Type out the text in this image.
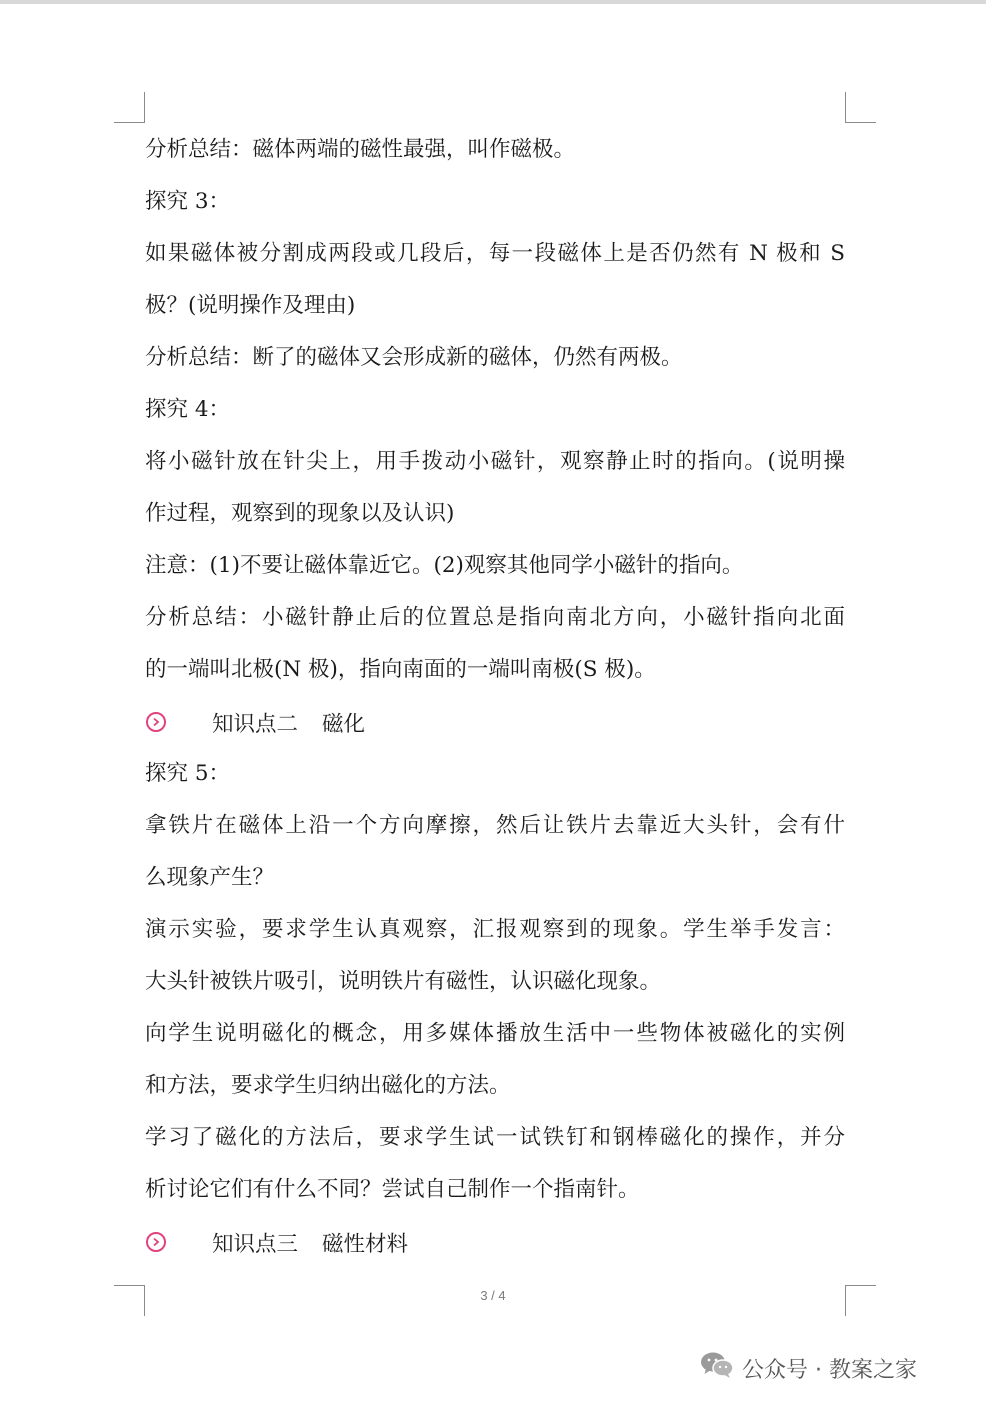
分析总结：磁体两端的磁性最强，叫作磁极。
探究 3：
如果磁体被分割成两段或几段后，每一段磁体上是否仍然有 N 极和 S
极？(说明操作及理由)
分析总结：断了的磁体又会形成新的磁体，仍然有两极。
探究 4：
将小磁针放在针尖上，用手拨动小磁针，观察静止时的指向。(说明操
作过程，观察到的现象以及认识)
注意：(1)不要让磁体靠近它。(2)观察其他同学小磁针的指向。
分析总结：小磁针静止后的位置总是指向南北方向，小磁针指向北面
的一端叫北极(N 极)，指向南面的一端叫南极(S 极)。
知识点二 磁化
探究 5：
拿铁片在磁体上沿一个方向摩擦，然后让铁片去靠近大头针，会有什
么现象产生？
演示实验，要求学生认真观察，汇报观察到的现象。学生举手发言：
大头针被铁片吸引，说明铁片有磁性，认识磁化现象。
向学生说明磁化的概念，用多媒体播放生活中一些物体被磁化的实例
和方法，要求学生归纳出磁化的方法。
学习了磁化的方法后，要求学生试一试铁钉和钢棒磁化的操作，并分
析讨论它们有什么不同？尝试自己制作一个指南针。
知识点三 磁性材料
3 / 4
公众号 · 教案之家
